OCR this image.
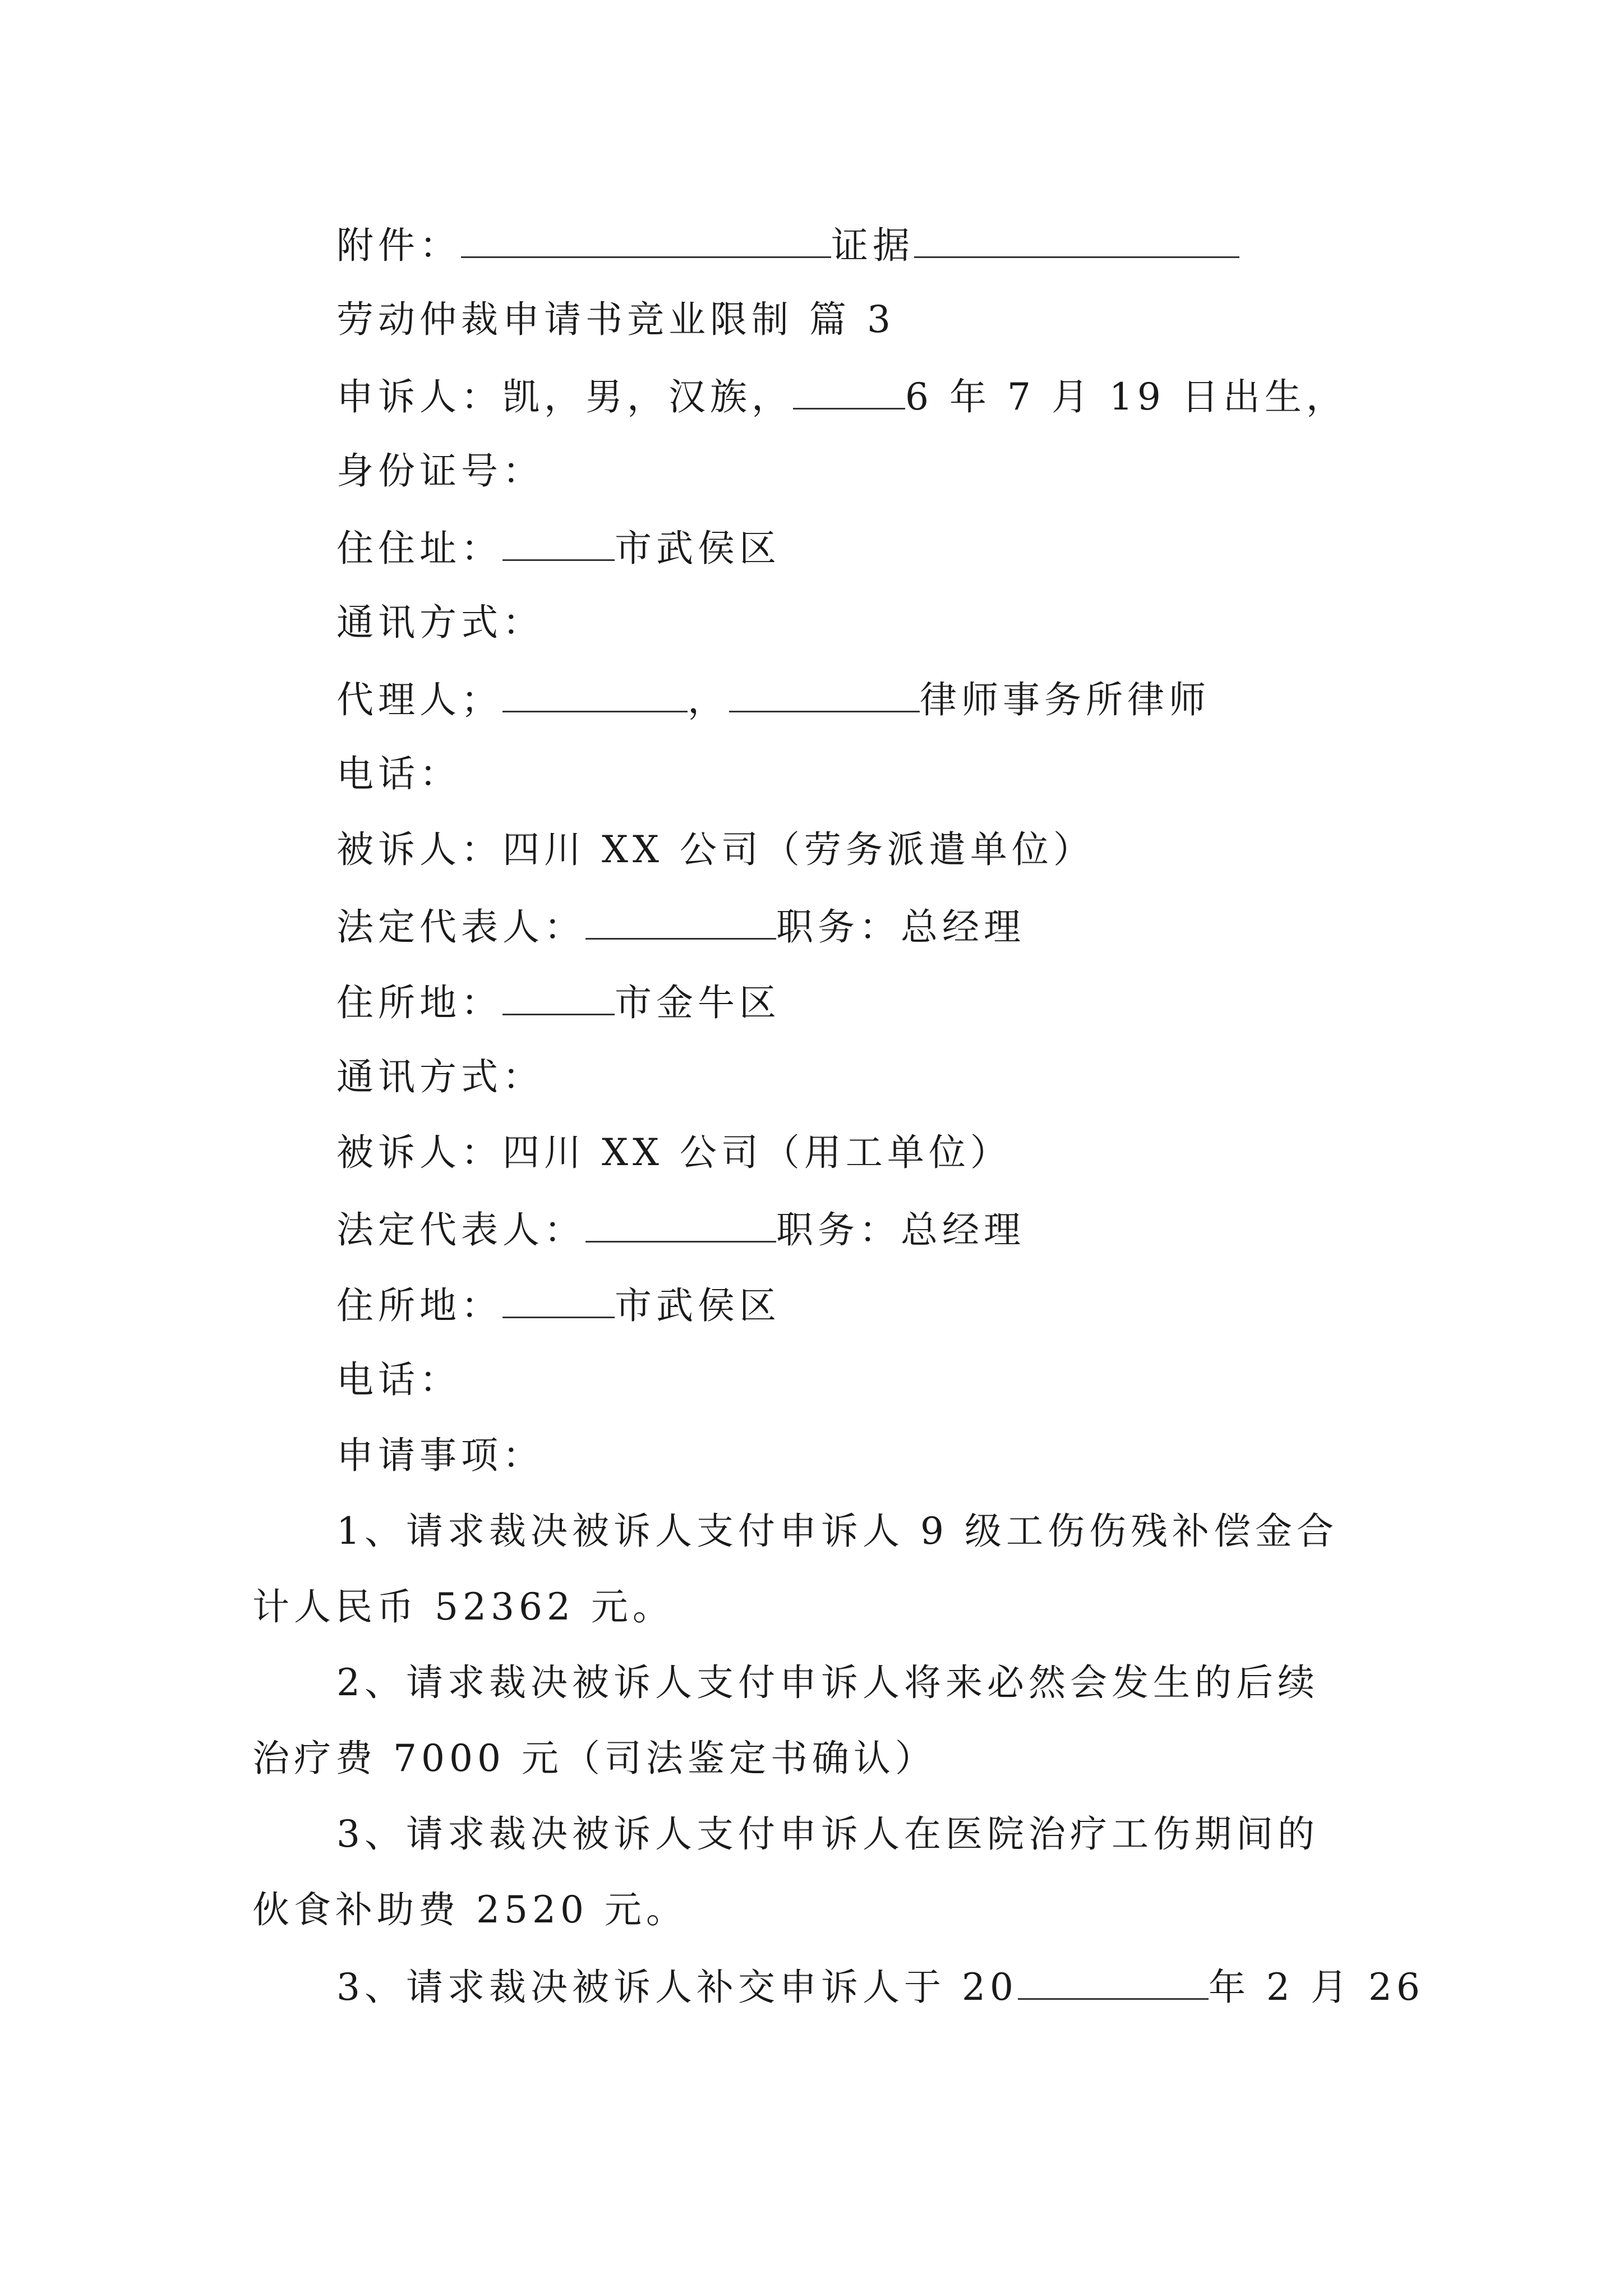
附件：	证据
劳动仲裁申请书竞业限制 篇 3
申诉人：凯，男，汉族，	6 年 7 月 19 日出生，
身份证号：
住住址：	市武侯区
通讯方式：
代理人；	，	律师事务所律师
电话：
被诉人：四川 XX 公司（劳务派遣单位）
法定代表人：	职务：总经理
住所地：	市金牛区
通讯方式：
被诉人：四川 XX 公司（用工单位）
法定代表人：	职务：总经理
住所地：	市武侯区
电话：
申请事项：
1、请求裁决被诉人支付申诉人 9 级工伤伤残补偿金合
计人民币 52362 元。
2、请求裁决被诉人支付申诉人将来必然会发生的后续
治疗费 7000 元（司法鉴定书确认）
3、请求裁决被诉人支付申诉人在医院治疗工伤期间的
伙食补助费 2520 元。
3、请求裁决被诉人补交申诉人于 20	年 2 月 26
